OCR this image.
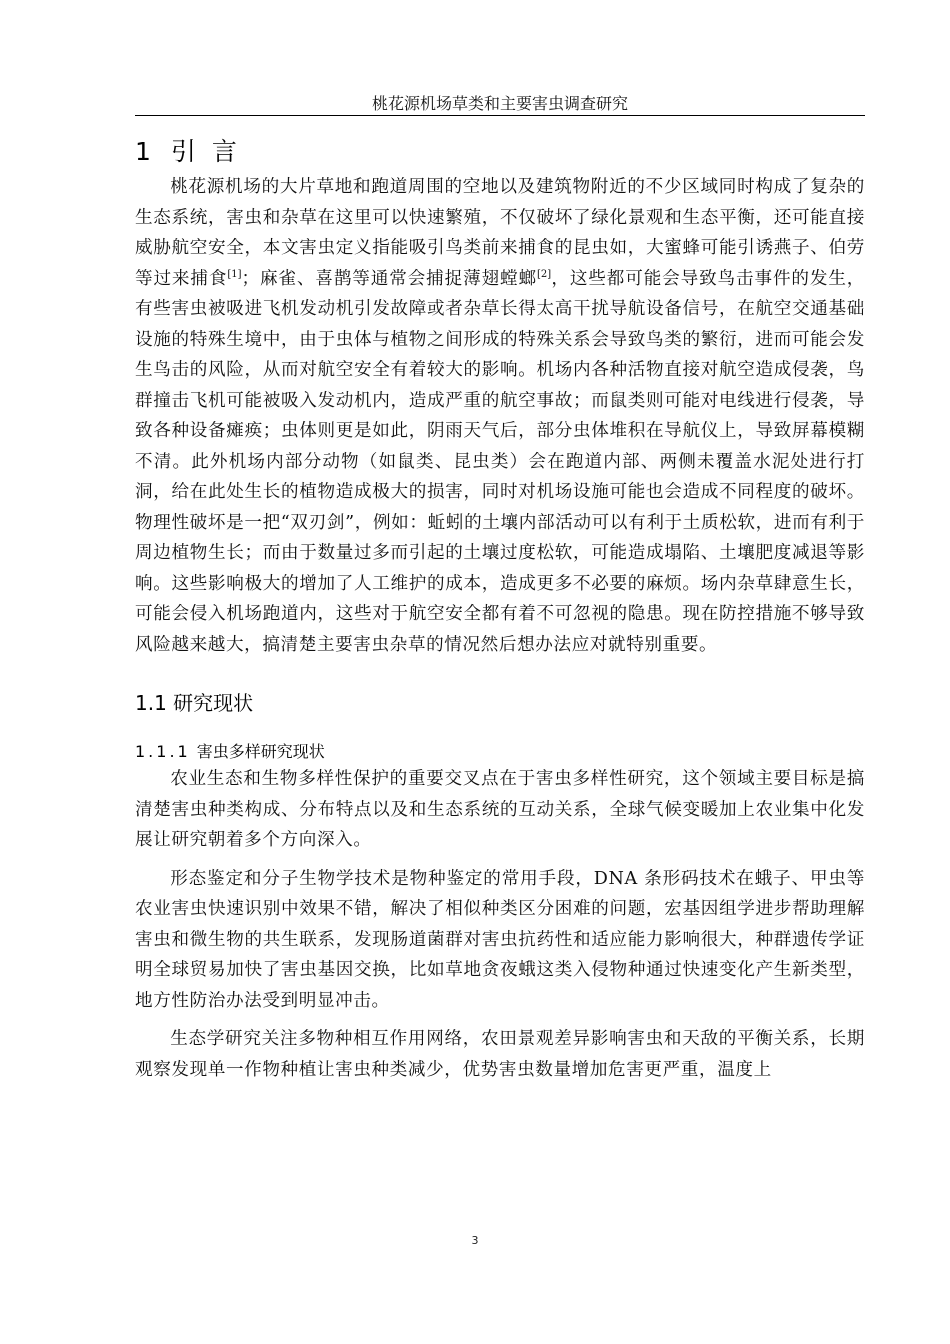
桃花源机场草类和主要害虫调查研究
1 引 言

桃花源机场的大片草地和跑道周围的空地以及建筑物附近的不少区域同时构成了复杂的生态系统，害虫和杂草在这里可以快速繁殖，不仅破坏了绿化景观和生态平衡，还可能直接威胁航空安全，本文害虫定义指能吸引鸟类前来捕食的昆虫如，大蜜蜂可能引诱燕子、伯劳等过来捕食[1]；麻雀、喜鹊等通常会捕捉薄翅螳螂[2]，这些都可能会导致鸟击事件的发生，有些害虫被吸进飞机发动机引发故障或者杂草长得太高干扰导航设备信号，在航空交通基础设施的特殊生境中，由于虫体与植物之间形成的特殊关系会导致鸟类的繁衍，进而可能会发生鸟击的风险，从而对航空安全有着较大的影响。机场内各种活物直接对航空造成侵袭，鸟群撞击飞机可能被吸入发动机内，造成严重的航空事故；而鼠类则可能对电线进行侵袭，导致各种设备瘫痪；虫体则更是如此，阴雨天气后，部分虫体堆积在导航仪上，导致屏幕模糊不清。此外机场内部分动物（如鼠类、昆虫类）会在跑道内部、两侧未覆盖水泥处进行打洞，给在此处生长的植物造成极大的损害，同时对机场设施可能也会造成不同程度的破坏。物理性破坏是一把“双刃剑”，例如：蚯蚓的土壤内部活动可以有利于土质松软，进而有利于周边植物生长；而由于数量过多而引起的土壤过度松软，可能造成塌陷、土壤肥度减退等影响。这些影响极大的增加了人工维护的成本，造成更多不必要的麻烦。场内杂草肆意生长，可能会侵入机场跑道内，这些对于航空安全都有着不可忽视的隐患。现在防控措施不够导致风险越来越大，搞清楚主要害虫杂草的情况然后想办法应对就特别重要。

1.1 研究现状
1.1.1 害虫多样研究现状

农业生态和生物多样性保护的重要交叉点在于害虫多样性研究，这个领域主要目标是搞清楚害虫种类构成、分布特点以及和生态系统的互动关系，全球气候变暖加上农业集中化发展让研究朝着多个方向深入。

形态鉴定和分子生物学技术是物种鉴定的常用手段，DNA 条形码技术在蛾子、甲虫等农业害虫快速识别中效果不错，解决了相似种类区分困难的问题，宏基因组学进步帮助理解害虫和微生物的共生联系，发现肠道菌群对害虫抗药性和适应能力影响很大，种群遗传学证明全球贸易加快了害虫基因交换，比如草地贪夜蛾这类入侵物种通过快速变化产生新类型，地方性防治办法受到明显冲击。

生态学研究关注多物种相互作用网络，农田景观差异影响害虫和天敌的平衡关系，长期观察发现单一作物种植让害虫种类减少，优势害虫数量增加危害更严重，温度上

3
